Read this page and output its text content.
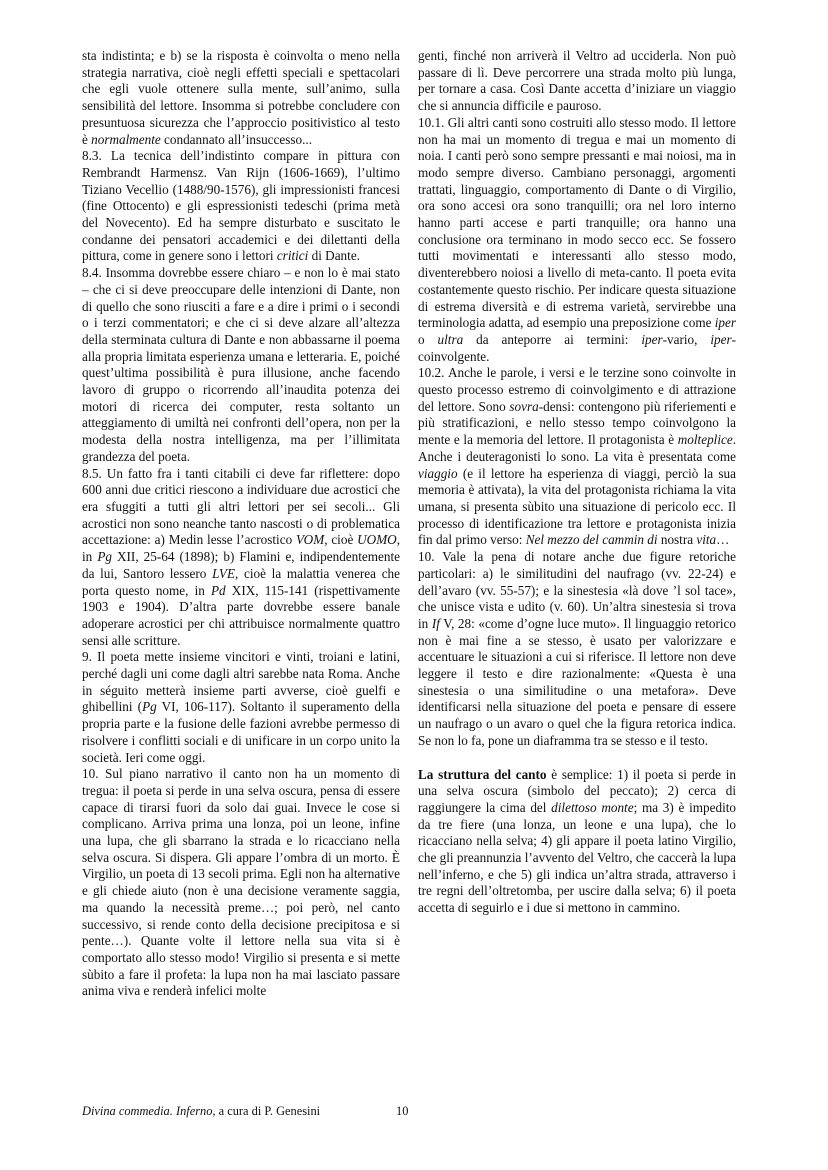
sta indistinta; e b) se la risposta è coinvolta o meno nella strategia narrativa, cioè negli effetti speciali e spettacolari che egli vuole ottenere sulla mente, sull’animo, sulla sensibilità del lettore. Insomma si potrebbe concludere con presuntuosa sicurezza che l’approccio positivistico al testo è normalmente condannato all’insuccesso...

8.3. La tecnica dell’indistinto compare in pittura con Rembrandt Harmensz. Van Rijn (1606-1669), l’ultimo Tiziano Vecellio (1488/90-1576), gli impressionisti francesi (fine Ottocento) e gli espressionisti tedeschi (prima metà del Novecento). Ed ha sempre disturbato e suscitato le condanne dei pensatori accademici e dei dilettanti della pittura, come in genere sono i lettori critici di Dante.

8.4. Insomma dovrebbe essere chiaro – e non lo è mai stato – che ci si deve preoccupare delle intenzioni di Dante, non di quello che sono riusciti a fare e a dire i primi o i secondi o i terzi commentatori; e che ci si deve alzare all’altezza della sterminata cultura di Dante e non abbassarne il poema alla propria limitata esperienza umana e letteraria. E, poiché quest’ultima possibilità è pura illusione, anche facendo lavoro di gruppo o ricorrendo all’inaudita potenza dei motori di ricerca dei computer, resta soltanto un atteggiamento di umiltà nei confronti dell’opera, non per la modesta della nostra intelligenza, ma per l’illimitata grandezza del poeta.

8.5. Un fatto fra i tanti citabili ci deve far riflettere: dopo 600 anni due critici riescono a individuare due acrostici che era sfuggiti a tutti gli altri lettori per sei secoli... Gli acrostici non sono neanche tanto nascosti o di problematica accettazione: a) Medin lesse l’acrostico VOM, cioè UOMO, in Pg XII, 25-64 (1898); b) Flamini e, indipendentemente da lui, Santoro lessero LVE, cioè la malattia venerea che porta questo nome, in Pd XIX, 115-141 (rispettivamente 1903 e 1904). D’altra parte dovrebbe essere banale adoperare acrostici per chi attribuisce normalmente quattro sensi alle scritture.

9. Il poeta mette insieme vincitori e vinti, troiani e latini, perché dagli uni come dagli altri sarebbe nata Roma. Anche in séguito metterà insieme parti avverse, cioè guelfi e ghibellini (Pg VI, 106-117). Soltanto il superamento della propria parte e la fusione delle fazioni avrebbe permesso di risolvere i conflitti sociali e di unificare in un corpo unito la società. Ieri come oggi.

10. Sul piano narrativo il canto non ha un momento di tregua: il poeta si perde in una selva oscura, pensa di essere capace di tirarsi fuori da solo dai guai. Invece le cose si complicano. Arriva prima una lonza, poi un leone, infine una lupa, che gli sbarrano la strada e lo ricacciano nella selva oscura. Si dispera. Gli appare l’ombra di un morto. È Virgilio, un poeta di 13 secoli prima. Egli non ha alternative e gli chiede aiuto (non è una decisione veramente saggia, ma quando la necessità preme…; poi però, nel canto successivo, si rende conto della decisione precipitosa e si pente…). Quante volte il lettore nella sua vita si è comportato allo stesso modo! Virgilio si presenta e si mette sùbito a fare il profeta: la lupa non ha mai lasciato passare anima viva e renderà infelici molte

genti, finché non arriverà il Veltro ad ucciderla. Non può passare di lì. Deve percorrere una strada molto più lunga, per tornare a casa. Così Dante accetta d’iniziare un viaggio che si annuncia difficile e pauroso.

10.1. Gli altri canti sono costruiti allo stesso modo. Il lettore non ha mai un momento di tregua e mai un momento di noia. I canti però sono sempre pressanti e mai noiosi, ma in modo sempre diverso. Cambiano personaggi, argomenti trattati, linguaggio, comportamento di Dante o di Virgilio, ora sono accesi ora sono tranquilli; ora nel loro interno hanno parti accese e parti tranquille; ora hanno una conclusione ora terminano in modo secco ecc. Se fossero tutti movimentati e interessanti allo stesso modo, diventerebbero noiosi a livello di meta-canto. Il poeta evita costantemente questo rischio. Per indicare questa situazione di estrema diversità e di estrema varietà, servirebbe una terminologia adatta, ad esempio una preposizione come iper o ultra da anteporre ai termini: iper-vario, iper-coinvolgente.

10.2. Anche le parole, i versi e le terzine sono coinvolte in questo processo estremo di coinvolgimento e di attrazione del lettore. Sono sovra-densi: contengono più riferiementi e più stratificazioni, e nello stesso tempo coinvolgono la mente e la memoria del lettore. Il protagonista è molteplice. Anche i deuteragonisti lo sono. La vita è presentata come viaggio (e il lettore ha esperienza di viaggi, perciò la sua memoria è attivata), la vita del protagonista richiama la vita umana, si presenta sùbito una situazione di pericolo ecc. Il processo di identificazione tra lettore e protagonista inizia fin dal primo verso: Nel mezzo del cammin di nostra vita…

10. Vale la pena di notare anche due figure retoriche particolari: a) le similitudini del naufrago (vv. 22-24) e dell’avaro (vv. 55-57); e la sinestesia «là dove ’l sol tace», che unisce vista e udito (v. 60). Un’altra sinestesia si trova in If V, 28: «come d’ogne luce muto». Il linguaggio retorico non è mai fine a se stesso, è usato per valorizzare e accentuare le situazioni a cui si riferisce. Il lettore non deve leggere il testo e dire razionalmente: «Questa è una sinestesia o una similitudine o una metafora». Deve identificarsi nella situazione del poeta e pensare di essere un naufrago o un avaro o quel che la figura retorica indica. Se non lo fa, pone un diaframma tra se stesso e il testo.

La struttura del canto è semplice: 1) il poeta si perde in una selva oscura (simbolo del peccato); 2) cerca di raggiungere la cima del dilettoso monte; ma 3) è impedito da tre fiere (una lonza, un leone e una lupa), che lo ricacciano nella selva; 4) gli appare il poeta latino Virgilio, che gli preannunzia l’avvento del Veltro, che caccerà la lupa nell’inferno, e che 5) gli indica un’altra strada, attraverso i tre regni dell’oltretomba, per uscire dalla selva; 6) il poeta accetta di seguirlo e i due si mettono in cammino.

Divina commedia. Inferno, a cura di P. Genesini	10
